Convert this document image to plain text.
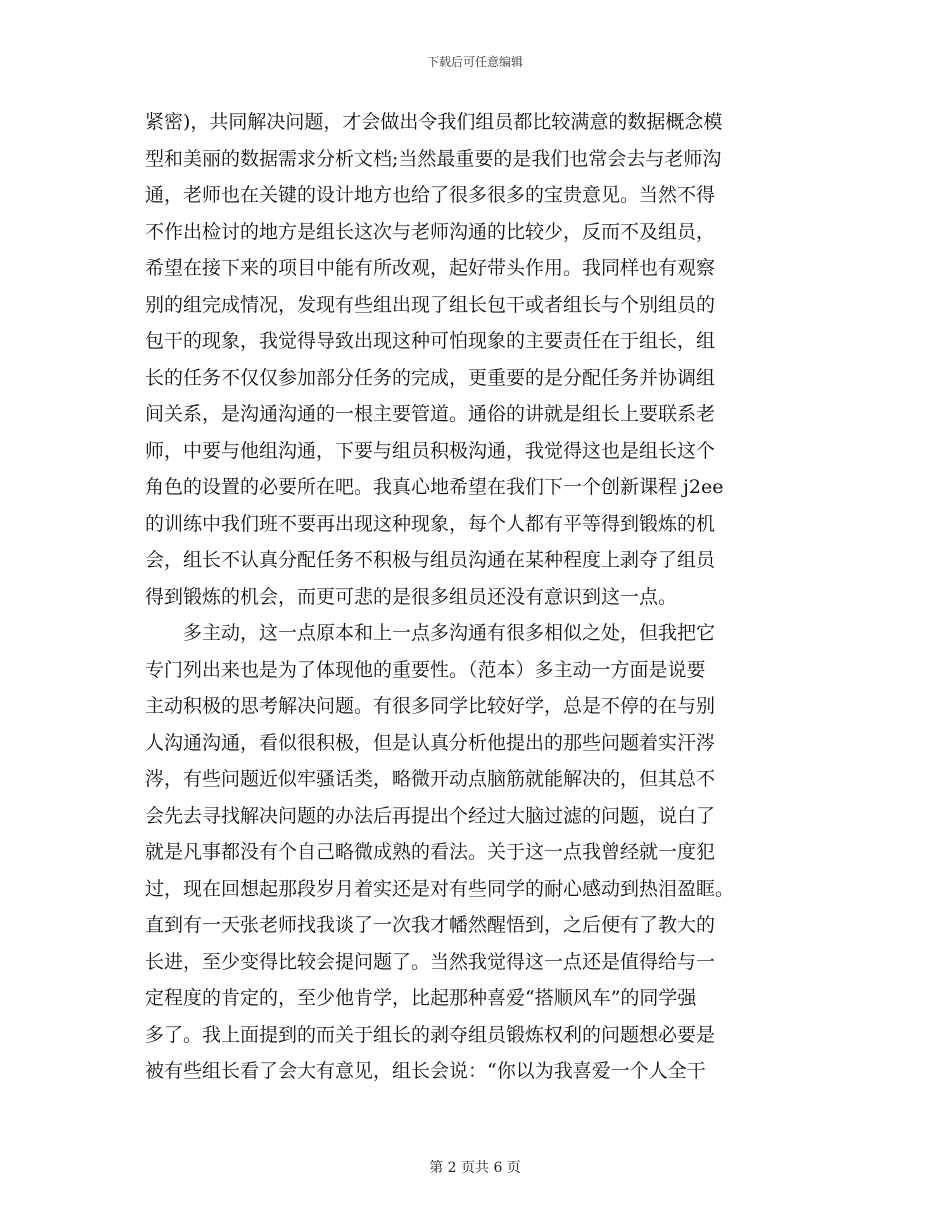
下载后可任意编辑
紧密)，共同解决问题，才会做出令我们组员都比较满意的数据概念模
型和美丽的数据需求分析文档;当然最重要的是我们也常会去与老师沟
通，老师也在关键的设计地方也给了很多很多的宝贵意见。当然不得
不作出检讨的地方是组长这次与老师沟通的比较少，反而不及组员，
希望在接下来的项目中能有所改观，起好带头作用。我同样也有观察
别的组完成情况，发现有些组出现了组长包干或者组长与个别组员的
包干的现象，我觉得导致出现这种可怕现象的主要责任在于组长，组
长的任务不仅仅参加部分任务的完成，更重要的是分配任务并协调组
间关系，是沟通沟通的一根主要管道。通俗的讲就是组长上要联系老
师，中要与他组沟通，下要与组员积极沟通，我觉得这也是组长这个
角色的设置的必要所在吧。我真心地希望在我们下一个创新课程 j2ee
的训练中我们班不要再出现这种现象，每个人都有平等得到锻炼的机
会，组长不认真分配任务不积极与组员沟通在某种程度上剥夺了组员
得到锻炼的机会，而更可悲的是很多组员还没有意识到这一点。
　　多主动，这一点原本和上一点多沟通有很多相似之处，但我把它
专门列出来也是为了体现他的重要性。（范本）多主动一方面是说要
主动积极的思考解决问题。有很多同学比较好学，总是不停的在与别
人沟通沟通，看似很积极，但是认真分析他提出的那些问题着实汗涔
涔，有些问题近似牢骚话类，略微开动点脑筋就能解决的，但其总不
会先去寻找解决问题的办法后再提出个经过大脑过滤的问题，说白了
就是凡事都没有个自己略微成熟的看法。关于这一点我曾经就一度犯
过，现在回想起那段岁月着实还是对有些同学的耐心感动到热泪盈眶。
直到有一天张老师找我谈了一次我才幡然醒悟到，之后便有了教大的
长进，至少变得比较会提问题了。当然我觉得这一点还是值得给与一
定程度的肯定的，至少他肯学，比起那种喜爱“搭顺风车”的同学强
多了。我上面提到的而关于组长的剥夺组员锻炼权利的问题想必要是
被有些组长看了会大有意见，组长会说：“你以为我喜爱一个人全干
第 2 页共 6 页
